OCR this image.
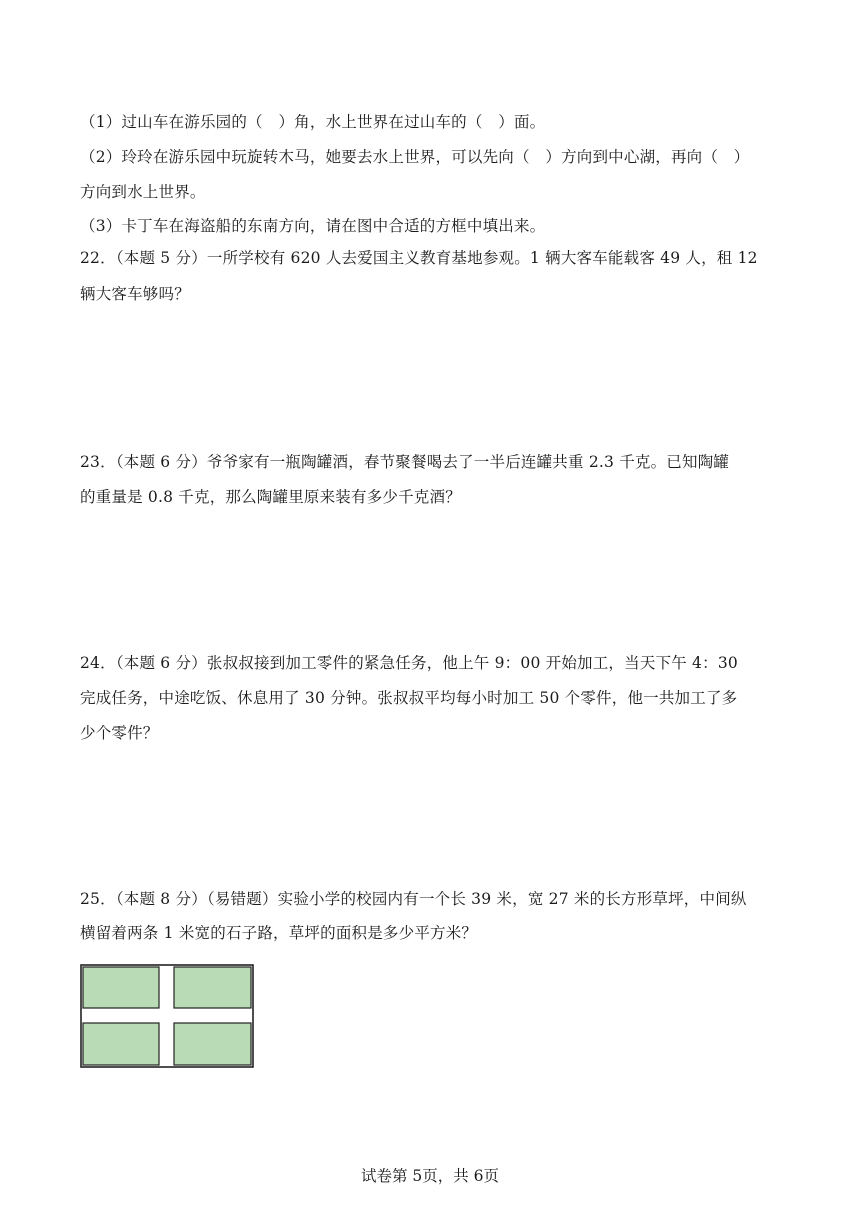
（1）过山车在游乐园的（　）角，水上世界在过山车的（　）面。
（2）玲玲在游乐园中玩旋转木马，她要去水上世界，可以先向（　）方向到中心湖，再向（　）
方向到水上世界。
（3）卡丁车在海盗船的东南方向，请在图中合适的方框中填出来。
22．（本题 5 分）一所学校有 620 人去爱国主义教育基地参观。1 辆大客车能载客 49 人，租 12
辆大客车够吗？
23．（本题 6 分）爷爷家有一瓶陶罐酒，春节聚餐喝去了一半后连罐共重 2.3 千克。已知陶罐
的重量是 0.8 千克，那么陶罐里原来装有多少千克酒？
24．（本题 6 分）张叔叔接到加工零件的紧急任务，他上午 9：00 开始加工，当天下午 4：30
完成任务，中途吃饭、休息用了 30 分钟。张叔叔平均每小时加工 50 个零件，他一共加工了多
少个零件？
25．（本题 8 分）（易错题）实验小学的校园内有一个长 39 米，宽 27 米的长方形草坪，中间纵
横留着两条 1 米宽的石子路，草坪的面积是多少平方米？
试卷第 5页，共 6页
